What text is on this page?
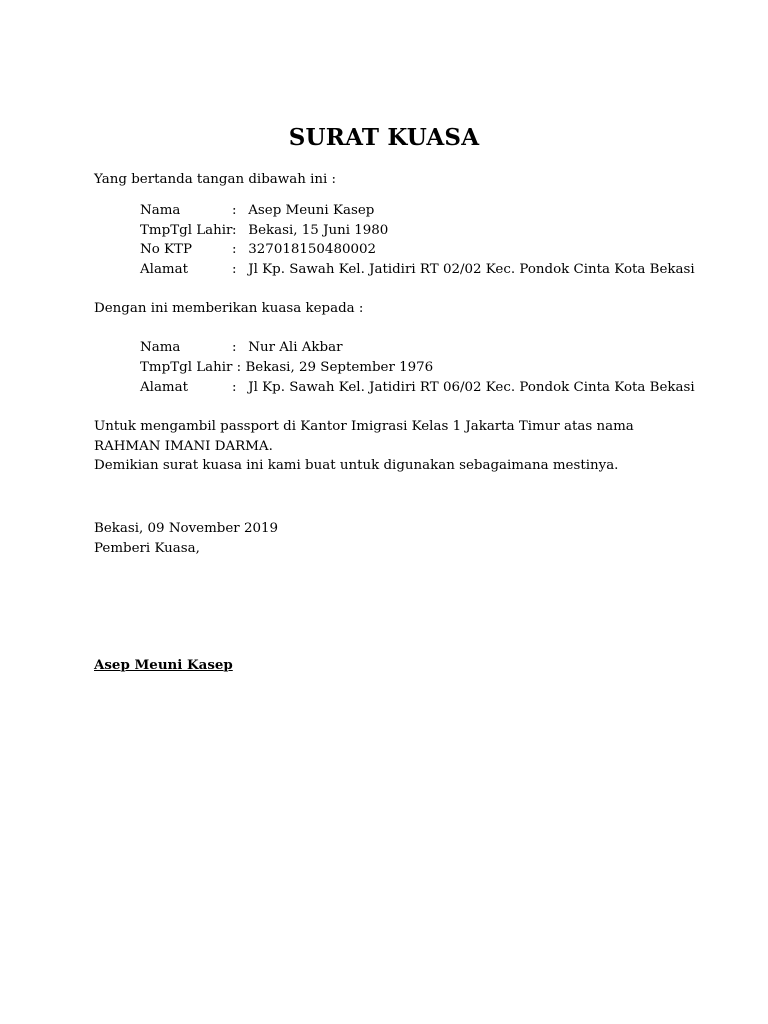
SURAT KUASA
Yang bertanda tangan dibawah ini :
Nama	: Asep Meuni Kasep
TmpTgl Lahir: Bekasi, 15 Juni 1980
No KTP	: 327018150480002
Alamat	: Jl Kp. Sawah Kel. Jatidiri RT 02/02 Kec. Pondok Cinta Kota Bekasi
Dengan ini memberikan kuasa kepada :
Nama	: Nur Ali Akbar
TmpTgl Lahir : Bekasi, 29 September 1976
Alamat	: Jl Kp. Sawah Kel. Jatidiri RT 06/02 Kec. Pondok Cinta Kota Bekasi
Untuk mengambil passport di Kantor Imigrasi Kelas 1 Jakarta Timur atas nama
RAHMAN IMANI DARMA.
Demikian surat kuasa ini kami buat untuk digunakan sebagaimana mestinya.
Bekasi, 09 November 2019
Pemberi Kuasa,
Asep Meuni Kasep
